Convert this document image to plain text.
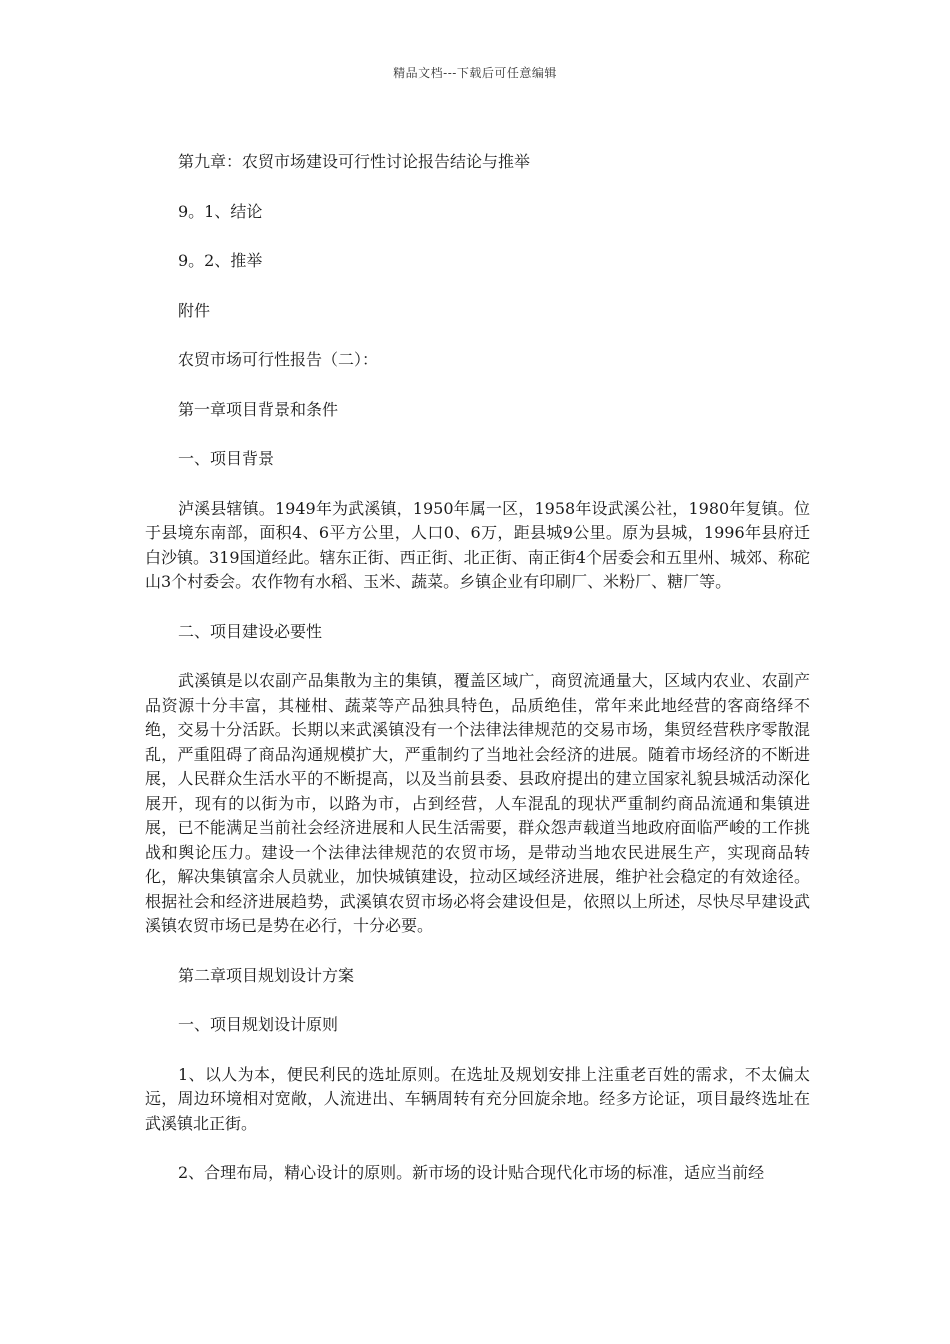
精品文档---下载后可任意编辑

第九章：农贸市场建设可行性讨论报告结论与推举

9。1、结论

9。2、推举

附件

农贸市场可行性报告（二）：

第一章项目背景和条件

一、项目背景

泸溪县辖镇。1949年为武溪镇，1950年属一区，1958年设武溪公社，1980年复镇。位于县境东南部，面积4、6平方公里，人口0、6万，距县城9公里。原为县城，1996年县府迁白沙镇。319国道经此。辖东正街、西正街、北正街、南正街4个居委会和五里州、城郊、称砣山3个村委会。农作物有水稻、玉米、蔬菜。乡镇企业有印刷厂、米粉厂、糖厂等。

二、项目建设必要性

武溪镇是以农副产品集散为主的集镇，覆盖区域广，商贸流通量大，区域内农业、农副产品资源十分丰富，其椪柑、蔬菜等产品独具特色，品质绝佳，常年来此地经营的客商络绎不绝，交易十分活跃。长期以来武溪镇没有一个法律法律规范的交易市场，集贸经营秩序零散混乱，严重阻碍了商品沟通规模扩大，严重制约了当地社会经济的进展。随着市场经济的不断进展，人民群众生活水平的不断提高，以及当前县委、县政府提出的建立国家礼貌县城活动深化展开，现有的以街为市，以路为市，占到经营，人车混乱的现状严重制约商品流通和集镇进展，已不能满足当前社会经济进展和人民生活需要，群众怨声载道当地政府面临严峻的工作挑战和舆论压力。建设一个法律法律规范的农贸市场，是带动当地农民进展生产，实现商品转化，解决集镇富余人员就业，加快城镇建设，拉动区域经济进展，维护社会稳定的有效途径。根据社会和经济进展趋势，武溪镇农贸市场必将会建设但是，依照以上所述，尽快尽早建设武溪镇农贸市场已是势在必行，十分必要。

第二章项目规划设计方案

一、项目规划设计原则

1、以人为本，便民利民的选址原则。在选址及规划安排上注重老百姓的需求，不太偏太远，周边环境相对宽敞，人流进出、车辆周转有充分回旋余地。经多方论证，项目最终选址在武溪镇北正街。

2、合理布局，精心设计的原则。新市场的设计贴合现代化市场的标准，适应当前经
